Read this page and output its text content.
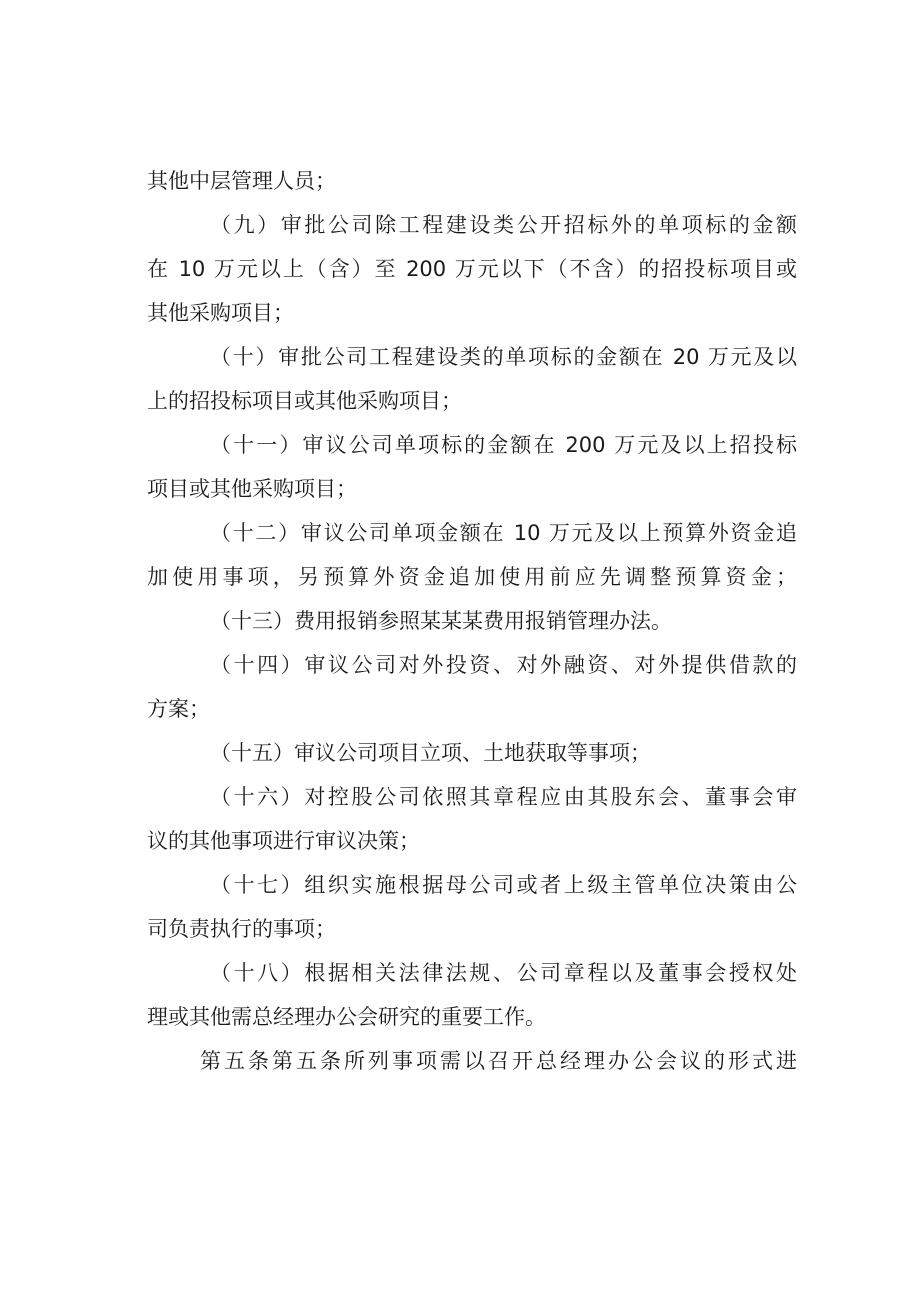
其他中层管理人员；
（九）审批公司除工程建设类公开招标外的单项标的金额
在 10 万元以上（含）至 200 万元以下（不含）的招投标项目或
其他采购项目；
（十）审批公司工程建设类的单项标的金额在 20 万元及以
上的招投标项目或其他采购项目；
（十一）审议公司单项标的金额在 200 万元及以上招投标
项目或其他采购项目；
（十二）审议公司单项金额在 10 万元及以上预算外资金追
加使用事项，另预算外资金追加使用前应先调整预算资金；
（十三）费用报销参照某某某费用报销管理办法。
（十四）审议公司对外投资、对外融资、对外提供借款的
方案；
（十五）审议公司项目立项、土地获取等事项；
（十六）对控股公司依照其章程应由其股东会、董事会审
议的其他事项进行审议决策；
（十七）组织实施根据母公司或者上级主管单位决策由公
司负责执行的事项；
（十八）根据相关法律法规、公司章程以及董事会授权处
理或其他需总经理办公会研究的重要工作。
第五条第五条所列事项需以召开总经理办公会议的形式进
